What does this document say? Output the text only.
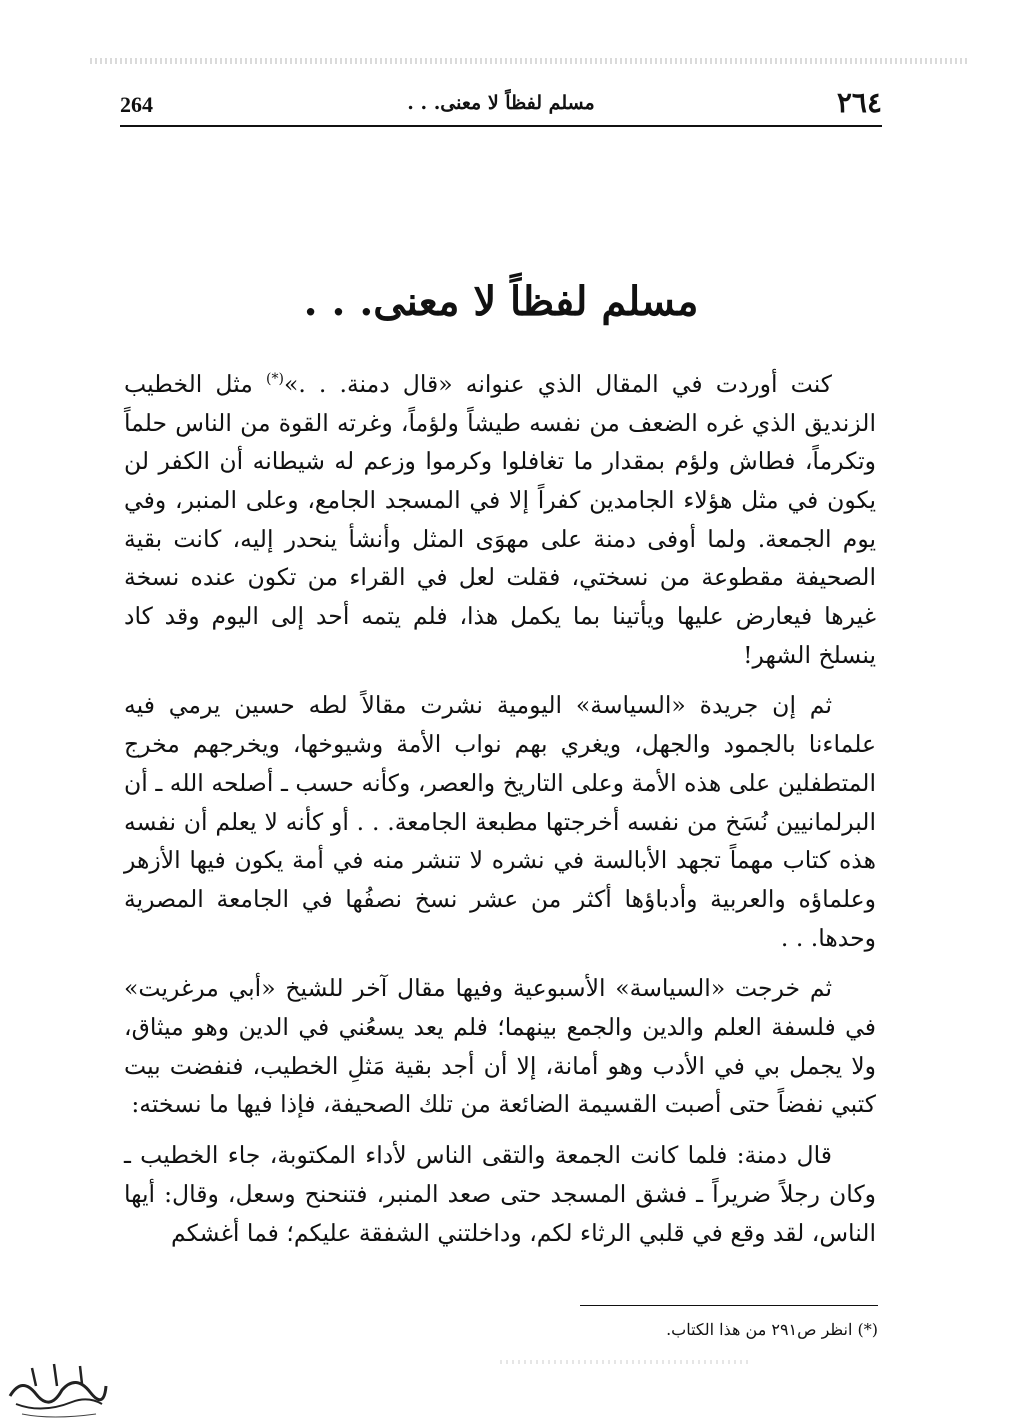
264	مسلم لفظاً لا معنى. . .	٢٦٤
مسلم لفظاً لا معنى. . .

كنت أوردت في المقال الذي عنوانه «قال دمنة. . .»(*) مثل الخطيب الزنديق الذي غره الضعف من نفسه طيشاً ولؤماً، وغرته القوة من الناس حلماً وتكرماً، فطاش ولؤم بمقدار ما تغافلوا وكرموا وزعم له شيطانه أن الكفر لن يكون في مثل هؤلاء الجامدين كفراً إلا في المسجد الجامع، وعلى المنبر، وفي يوم الجمعة. ولما أوفى دمنة على مهوَى المثل وأنشأ ينحدر إليه، كانت بقية الصحيفة مقطوعة من نسختي، فقلت لعل في القراء من تكون عنده نسخة غيرها فيعارض عليها ويأتينا بما يكمل هذا، فلم يتمه أحد إلى اليوم وقد كاد ينسلخ الشهر!

ثم إن جريدة «السياسة» اليومية نشرت مقالاً لطه حسين يرمي فيه علماءنا بالجمود والجهل، ويغري بهم نواب الأمة وشيوخها، ويخرجهم مخرج المتطفلين على هذه الأمة وعلى التاريخ والعصر، وكأنه حسب ـ أصلحه الله ـ أن البرلمانيين نُسَخ من نفسه أخرجتها مطبعة الجامعة. . . أو كأنه لا يعلم أن نفسه هذه كتاب مهماً تجهد الأبالسة في نشره لا تنشر منه في أمة يكون فيها الأزهر وعلماؤه والعربية وأدباؤها أكثر من عشر نسخ نصفُها في الجامعة المصرية وحدها. . .

ثم خرجت «السياسة» الأسبوعية وفيها مقال آخر للشيخ «أبي مرغريت» في فلسفة العلم والدين والجمع بينهما؛ فلم يعد يسعُني في الدين وهو ميثاق، ولا يجمل بي في الأدب وهو أمانة، إلا أن أجد بقية مَثلِ الخطيب، فنفضت بيت كتبي نفضاً حتى أصبت القسيمة الضائعة من تلك الصحيفة، فإذا فيها ما نسخته:

قال دمنة: فلما كانت الجمعة والتقى الناس لأداء المكتوبة، جاء الخطيب ـ وكان رجلاً ضريراً ـ فشق المسجد حتى صعد المنبر، فتنحنح وسعل، وقال: أيها الناس، لقد وقع في قلبي الرثاء لكم، وداخلتني الشفقة عليكم؛ فما أغشكم

(*) انظر ص٢٩١ من هذا الكتاب.
